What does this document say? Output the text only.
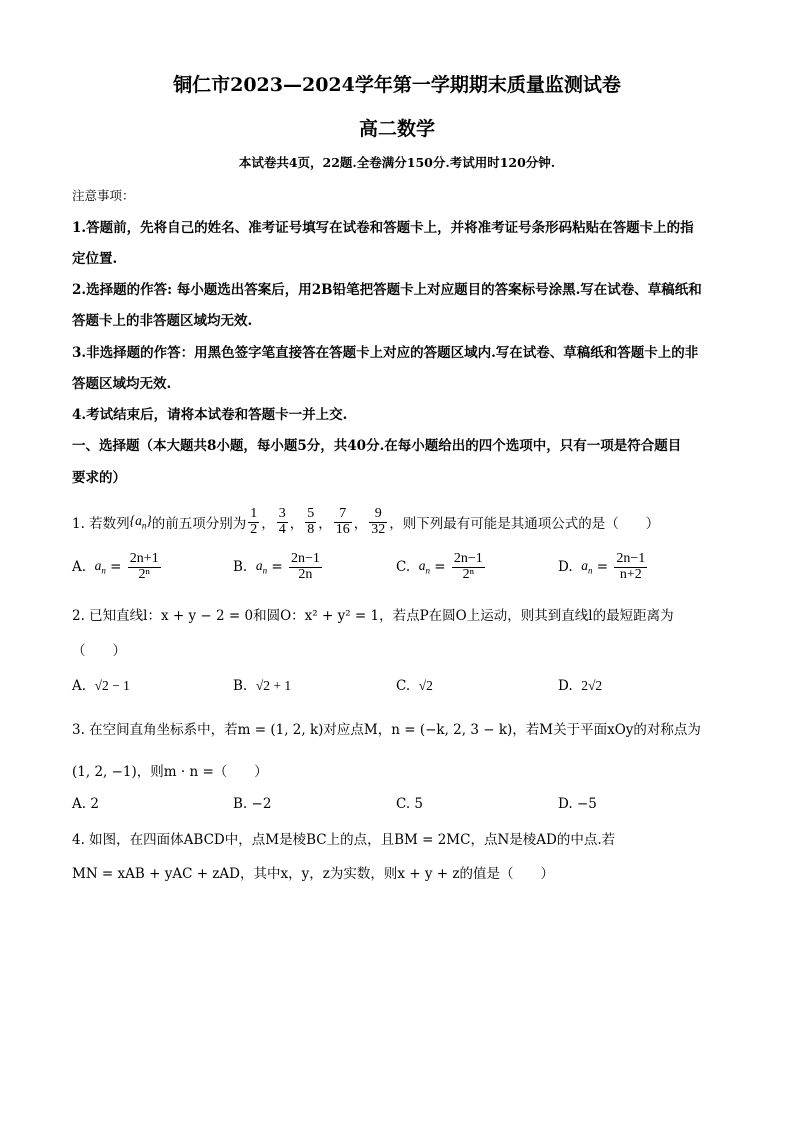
铜仁市2023—2024学年第一学期期末质量监测试卷
高二数学
本试卷共4页，22题.全卷满分150分.考试用时120分钟.
注意事项：
1.答题前，先将自己的姓名、准考证号填写在试卷和答题卡上，并将准考证号条形码粘贴在答题卡上的指
定位置.
2.选择题的作答: 每小题选出答案后，用2B铅笔把答题卡上对应题目的答案标号涂黑.写在试卷、草稿纸和
答题卡上的非答题区域均无效.
3.非选择题的作答：用黑色签字笔直接答在答题卡上对应的答题区域内.写在试卷、草稿纸和答题卡上的非
答题区域均无效.
4.考试结束后，请将本试卷和答题卡一并上交.
一、选择题（本大题共8小题，每小题5分，共40分.在每小题给出的四个选项中，只有一项是符合题目
要求的）
1. 若数列 $\{a_n\}$ 的前五项分别为 $\frac{1}{2}$ ， $\frac{3}{4}$ ， $\frac{5}{8}$ ， $\frac{7}{16}$ ， $\frac{9}{32}$ ，则下列最有可能是其通项公式的是（　　）
A.
$a_n = \frac{2n+1}{\text{2ⁿ}}$	B.
$a_n = \frac{2n-1}{2n}$	C.
$a_n = \frac{2n-1}{\text{2ⁿ}}$	D.
$a_n = \frac{2n-1}{n+2}$
2. 已知直线l：x + y − 2 = 0和圆O：x² + y² = 1，若点P在圆O上运动，则其到直线l的最短距离为
（　　）
A. √2 − 1	B. √2 + 1	C. √2	D. 2√2
3. 在空间直角坐标系中，若m = (1, 2, k)对应点M，n = (−k, 2, 3 − k)，若M关于平面xOy的对称点为
(1, 2, −1)，则m · n =（　　）
A. 2	B. −2	C. 5	D. −5
4. 如图，在四面体ABCD中，点M是棱BC上的点，且BM = 2MC，点N是棱AD的中点.若
MN = xAB + yAC + zAD，其中x，y，z为实数，则x + y + z的值是（　　）
